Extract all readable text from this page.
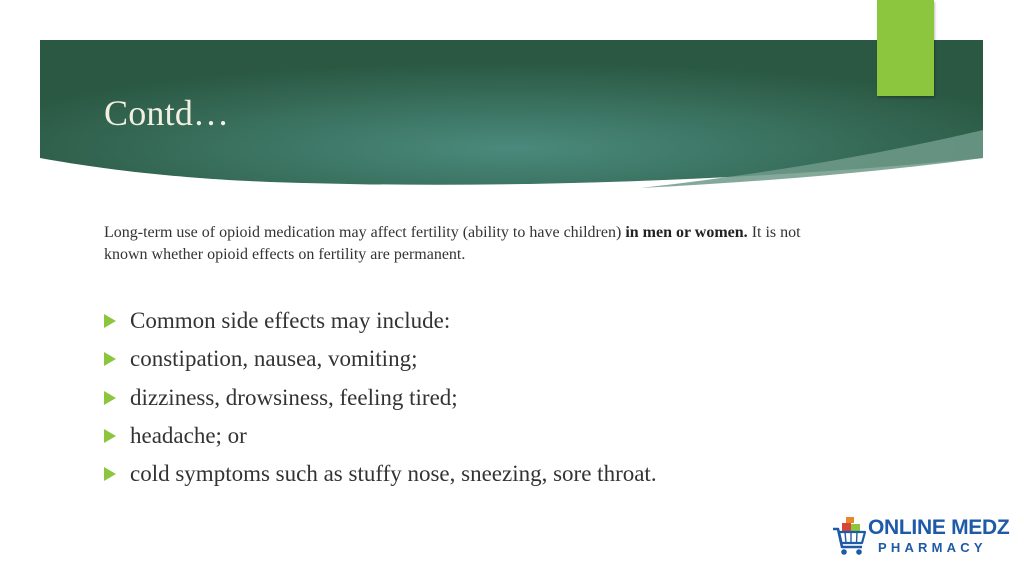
Contd…

Long-term use of opioid medication may affect fertility (ability to have children) in men or women. It is not known whether opioid effects on fertility are permanent.

Common side effects may include:
constipation, nausea, vomiting;
dizziness, drowsiness, feeling tired;
headache; or
cold symptoms such as stuffy nose, sneezing, sore throat.
ONLINE MEDZ
PHARMACY
